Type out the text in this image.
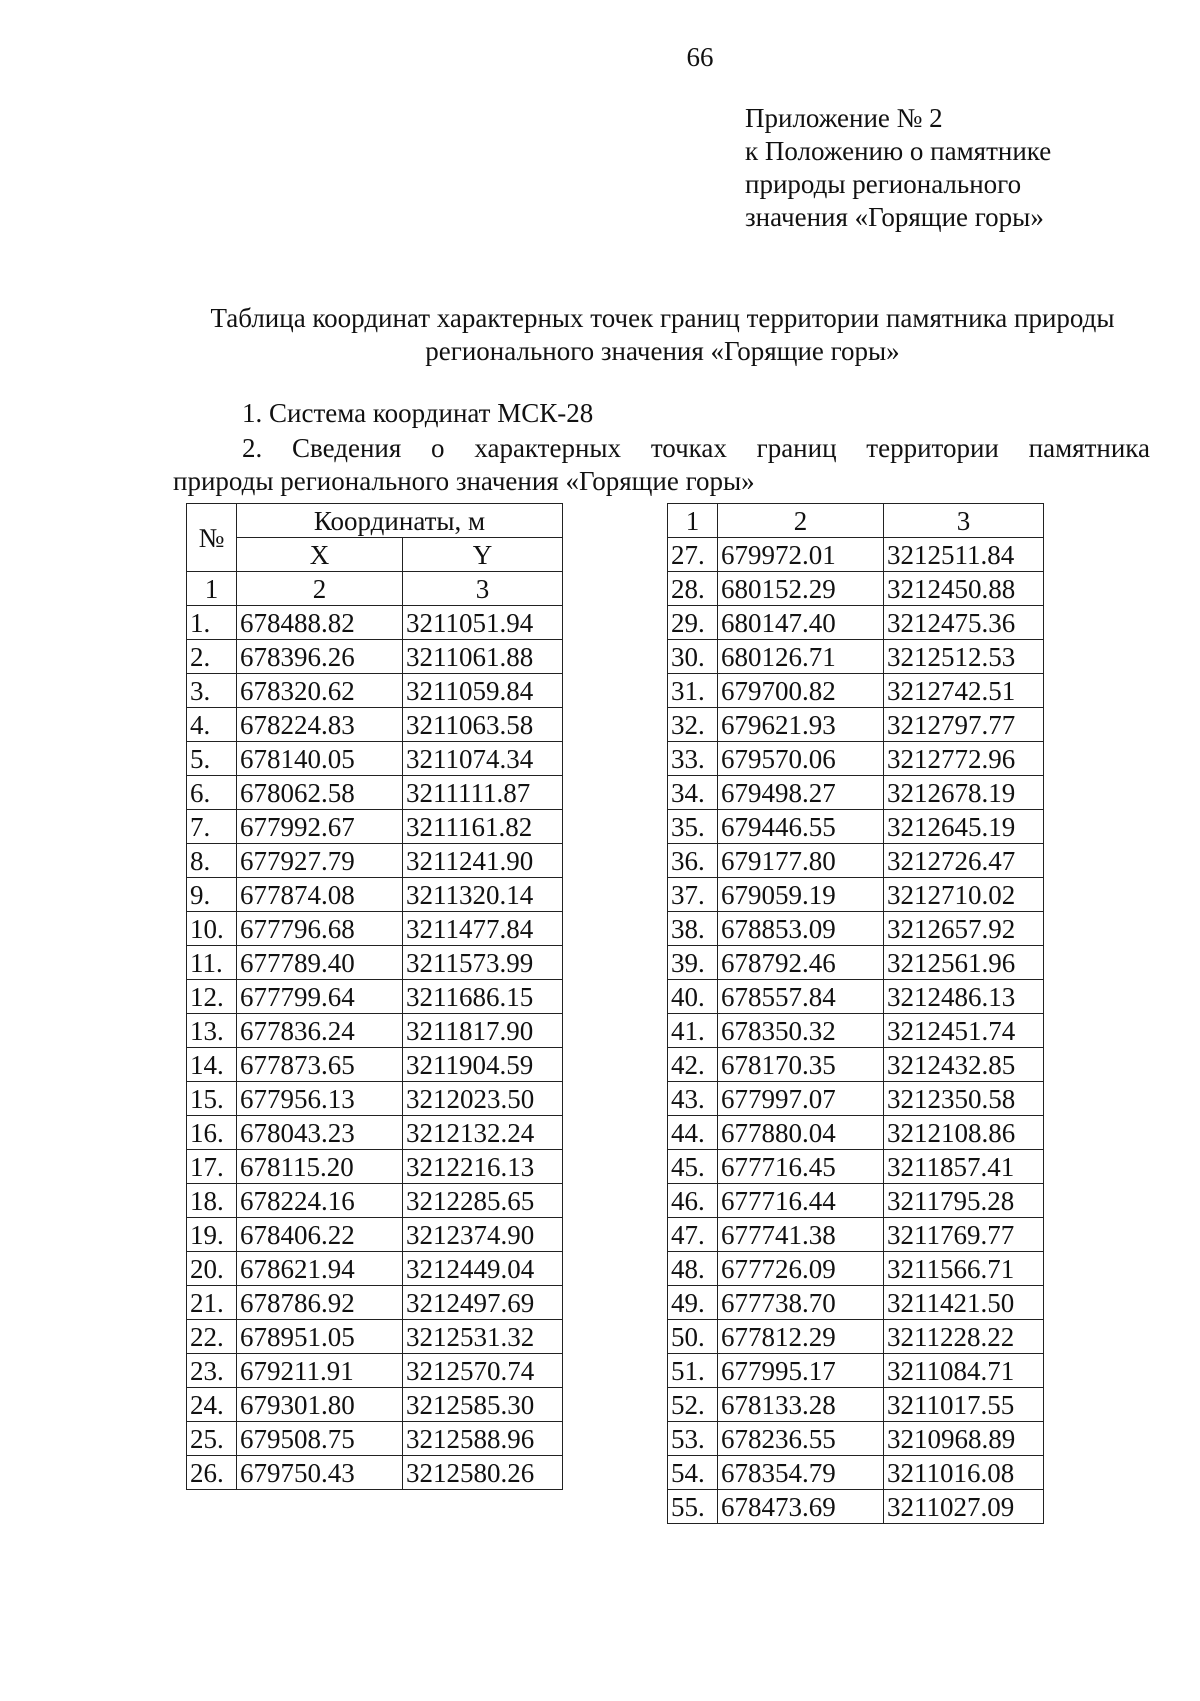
66
Приложение № 2
к Положению о памятнике
природы регионального
значения «Горящие горы»
Таблица координат характерных точек границ территории памятника природы
регионального значения «Горящие горы»
1. Система координат МСК-28
2. Сведения о характерных точках границ территории памятника
природы регионального значения «Горящие горы»
№	Координаты, м	
	X	Y
1	2	3
1.	678488.82	3211051.94
2.	678396.26	3211061.88
3.	678320.62	3211059.84
4.	678224.83	3211063.58
5.	678140.05	3211074.34
6.	678062.58	3211111.87
7.	677992.67	3211161.82
8.	677927.79	3211241.90
9.	677874.08	3211320.14
10.	677796.68	3211477.84
11.	677789.40	3211573.99
12.	677799.64	3211686.15
13.	677836.24	3211817.90
14.	677873.65	3211904.59
15.	677956.13	3212023.50
16.	678043.23	3212132.24
17.	678115.20	3212216.13
18.	678224.16	3212285.65
19.	678406.22	3212374.90
20.	678621.94	3212449.04
21.	678786.92	3212497.69
22.	678951.05	3212531.32
23.	679211.91	3212570.74
24.	679301.80	3212585.30
25.	679508.75	3212588.96
26.	679750.43	3212580.26
1	2	3
27.	679972.01	3212511.84
28.	680152.29	3212450.88
29.	680147.40	3212475.36
30.	680126.71	3212512.53
31.	679700.82	3212742.51
32.	679621.93	3212797.77
33.	679570.06	3212772.96
34.	679498.27	3212678.19
35.	679446.55	3212645.19
36.	679177.80	3212726.47
37.	679059.19	3212710.02
38.	678853.09	3212657.92
39.	678792.46	3212561.96
40.	678557.84	3212486.13
41.	678350.32	3212451.74
42.	678170.35	3212432.85
43.	677997.07	3212350.58
44.	677880.04	3212108.86
45.	677716.45	3211857.41
46.	677716.44	3211795.28
47.	677741.38	3211769.77
48.	677726.09	3211566.71
49.	677738.70	3211421.50
50.	677812.29	3211228.22
51.	677995.17	3211084.71
52.	678133.28	3211017.55
53.	678236.55	3210968.89
54.	678354.79	3211016.08
55.	678473.69	3211027.09
